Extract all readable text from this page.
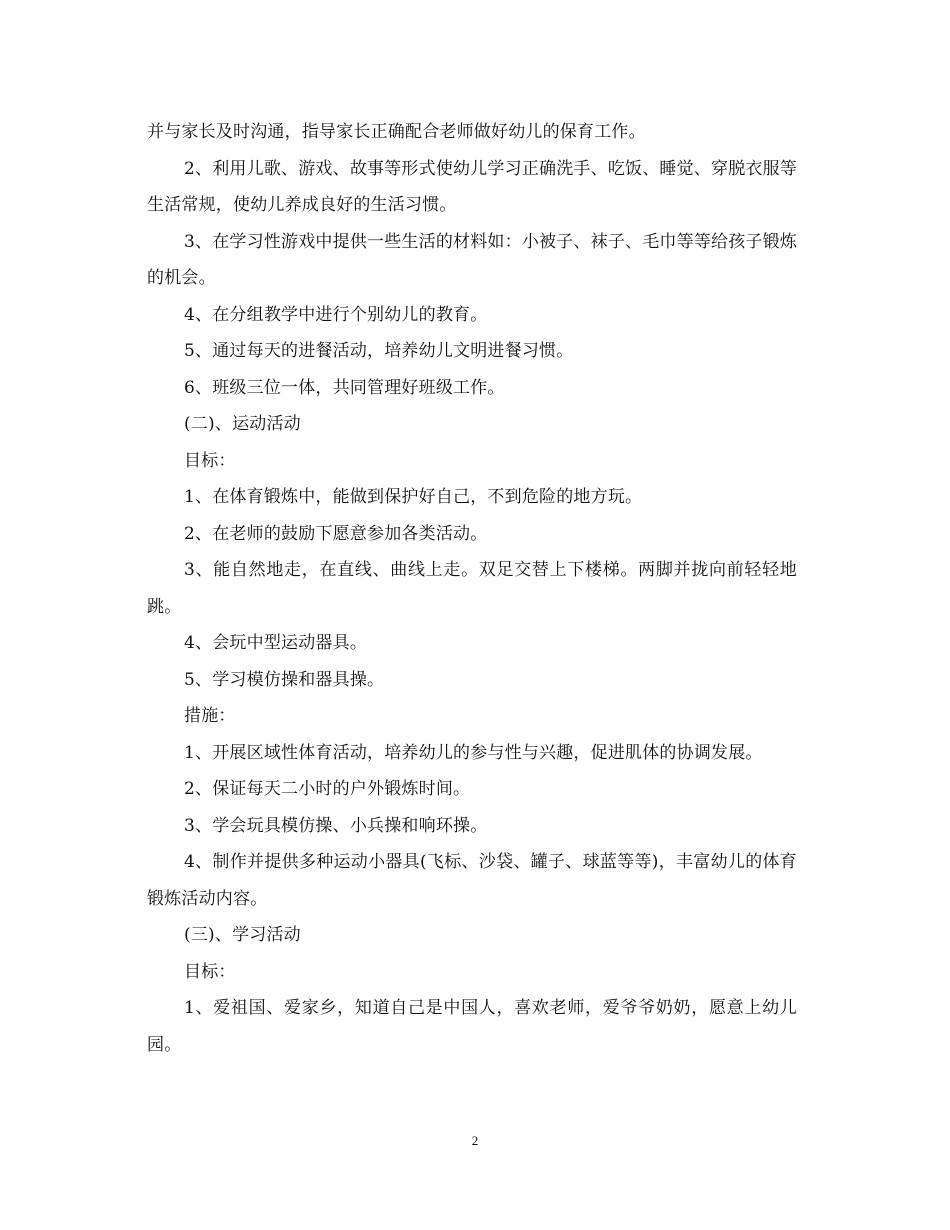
并与家长及时沟通，指导家长正确配合老师做好幼儿的保育工作。

2、利用儿歌、游戏、故事等形式使幼儿学习正确洗手、吃饭、睡觉、穿脱衣服等生活常规，使幼儿养成良好的生活习惯。

3、在学习性游戏中提供一些生活的材料如：小被子、袜子、毛巾等等给孩子锻炼的机会。

4、在分组教学中进行个别幼儿的教育。

5、通过每天的进餐活动，培养幼儿文明进餐习惯。

6、班级三位一体，共同管理好班级工作。

(二)、运动活动

目标：

1、在体育锻炼中，能做到保护好自己，不到危险的地方玩。

2、在老师的鼓励下愿意参加各类活动。

3、能自然地走，在直线、曲线上走。双足交替上下楼梯。两脚并拢向前轻轻地跳。

4、会玩中型运动器具。

5、学习模仿操和器具操。

措施：

1、开展区域性体育活动，培养幼儿的参与性与兴趣，促进肌体的协调发展。

2、保证每天二小时的户外锻炼时间。

3、学会玩具模仿操、小兵操和响环操。

4、制作并提供多种运动小器具(飞标、沙袋、罐子、球蓝等等)，丰富幼儿的体育锻炼活动内容。

(三)、学习活动

目标：

1、爱祖国、爱家乡，知道自己是中国人，喜欢老师，爱爷爷奶奶，愿意上幼儿园。

2
